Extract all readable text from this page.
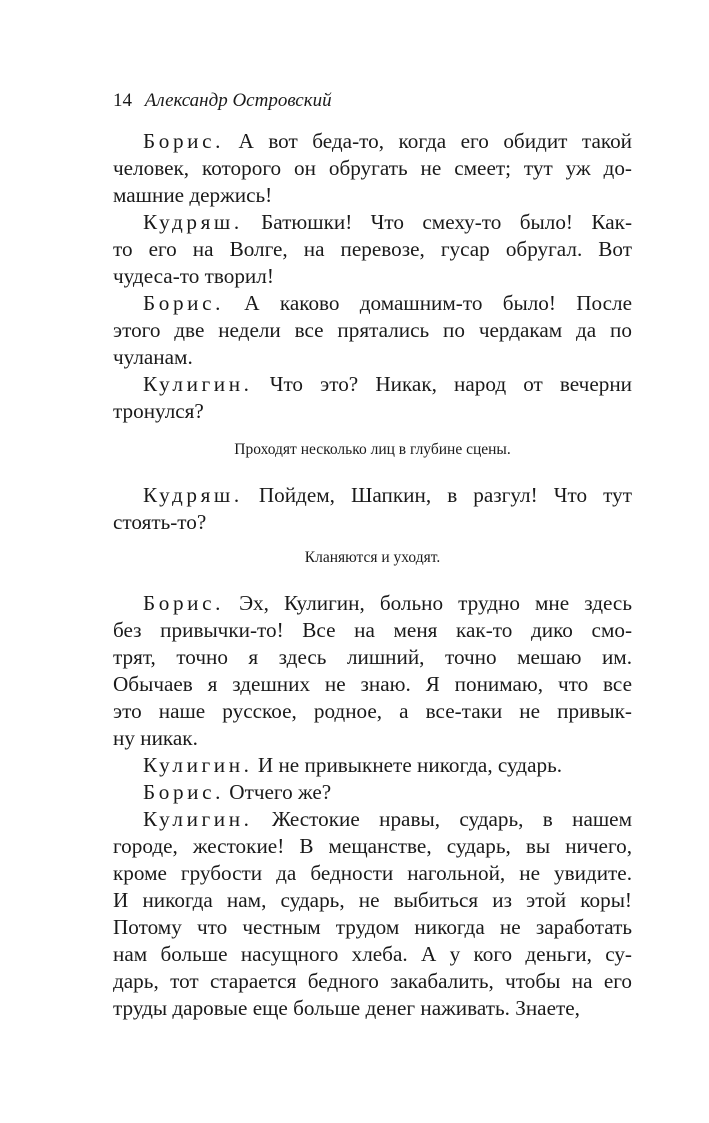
14 Александр Островский
Борис. А вот беда-то, когда его обидит такой
человек, которого он обругать не смеет; тут уж до-
машние держись!
Кудряш. Батюшки! Что смеху-то было! Как-
то его на Волге, на перевозе, гусар обругал. Вот
чудеса-то творил!
Борис. А каково домашним-то было! После
этого две недели все прятались по чердакам да по
чуланам.
Кулигин. Что это? Никак, народ от вечерни
тронулся?
Проходят несколько лиц в глубине сцены.
Кудряш. Пойдем, Шапкин, в разгул! Что тут
стоять-то?
Кланяются и уходят.
Борис. Эх, Кулигин, больно трудно мне здесь
без привычки-то! Все на меня как-то дико смо-
трят, точно я здесь лишний, точно мешаю им.
Обычаев я здешних не знаю. Я понимаю, что все
это наше русское, родное, а все-таки не привык-
ну никак.
Кулигин. И не привыкнете никогда, сударь.
Борис. Отчего же?
Кулигин. Жестокие нравы, сударь, в нашем
городе, жестокие! В мещанстве, сударь, вы ничего,
кроме грубости да бедности нагольной, не увидите.
И никогда нам, сударь, не выбиться из этой коры!
Потому что честным трудом никогда не заработать
нам больше насущного хлеба. А у кого деньги, су-
дарь, тот старается бедного закабалить, чтобы на его
труды даровые еще больше денег наживать. Знаете,
